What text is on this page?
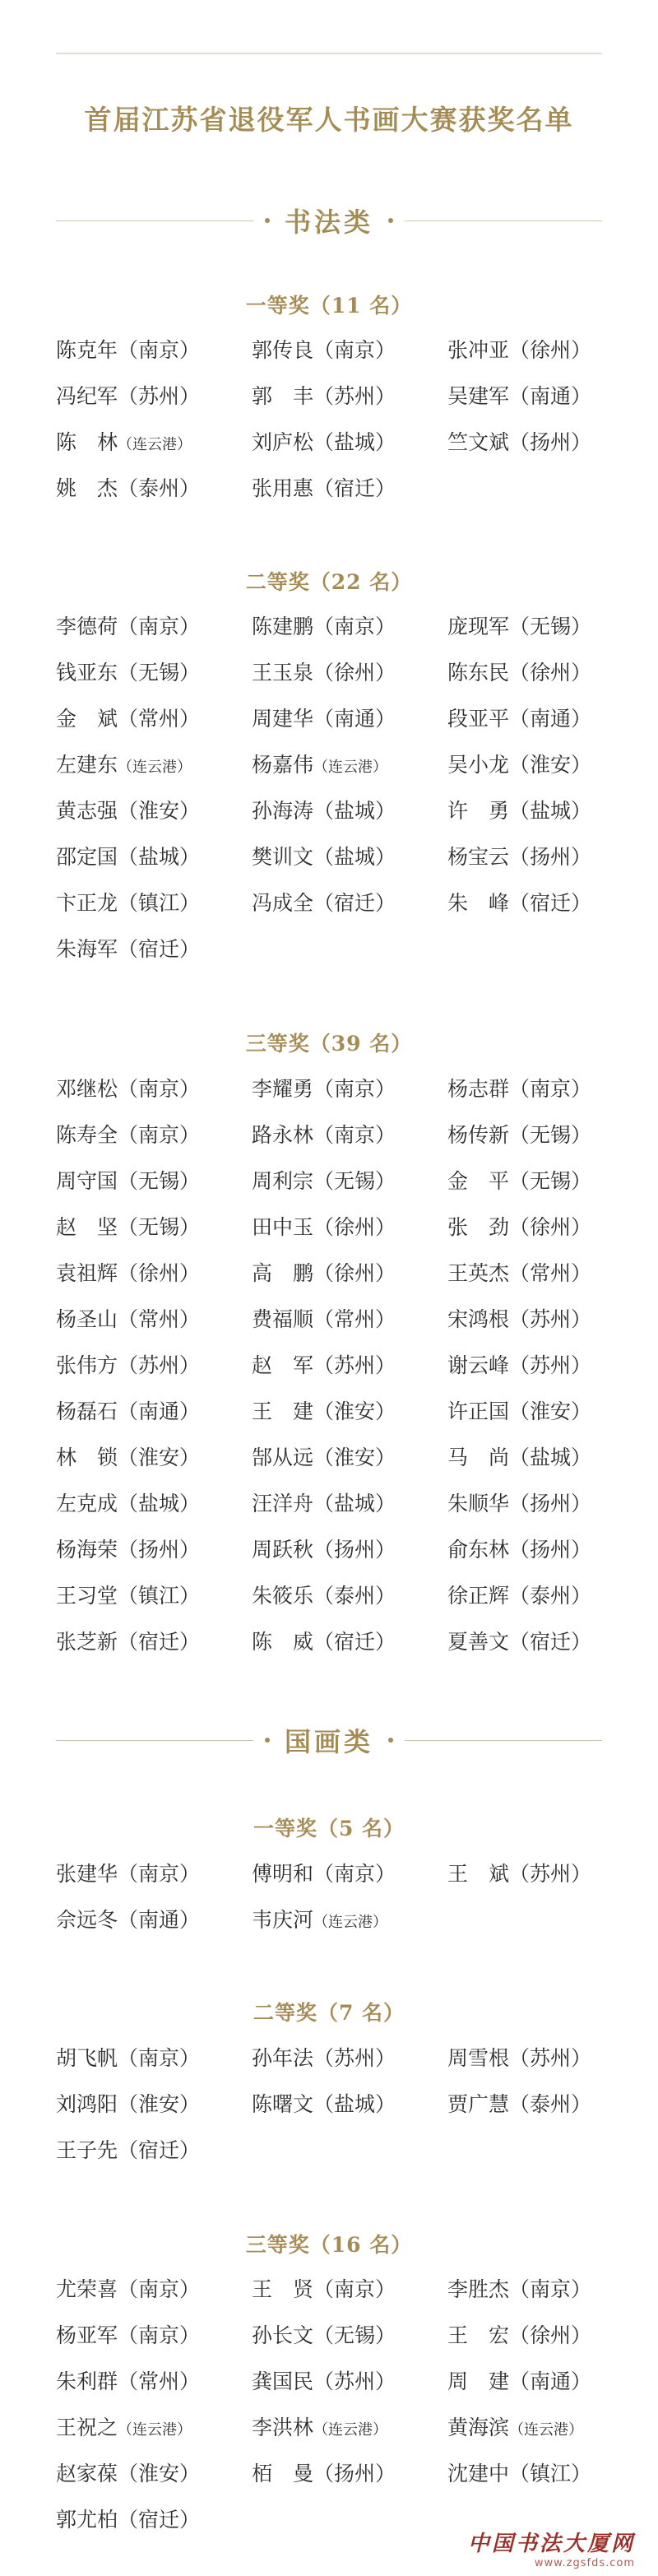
首届江苏省退役军人书画大赛获奖名单
书法类
一等奖（11 名）
陈克年（南京）	郭传良（南京）	张冲亚（徐州）
冯纪军（苏州）	郭丰（苏州）	吴建军（南通）
陈林（连云港）	刘庐松（盐城）	竺文斌（扬州）
姚杰（泰州）	张用惠（宿迁）
二等奖（22 名）
李德荷（南京）	陈建鹏（南京）	庞现军（无锡）
钱亚东（无锡）	王玉泉（徐州）	陈东民（徐州）
金斌（常州）	周建华（南通）	段亚平（南通）
左建东（连云港）	杨嘉伟（连云港）	吴小龙（淮安）
黄志强（淮安）	孙海涛（盐城）	许勇（盐城）
邵定国（盐城）	樊训文（盐城）	杨宝云（扬州）
卞正龙（镇江）	冯成全（宿迁）	朱峰（宿迁）
朱海军（宿迁）
三等奖（39 名）
邓继松（南京）	李耀勇（南京）	杨志群（南京）
陈寿全（南京）	路永林（南京）	杨传新（无锡）
周守国（无锡）	周利宗（无锡）	金平（无锡）
赵坚（无锡）	田中玉（徐州）	张劲（徐州）
袁祖辉（徐州）	高鹏（徐州）	王英杰（常州）
杨圣山（常州）	费福顺（常州）	宋鸿根（苏州）
张伟方（苏州）	赵军（苏州）	谢云峰（苏州）
杨磊石（南通）	王建（淮安）	许正国（淮安）
林锁（淮安）	郜从远（淮安）	马尚（盐城）
左克成（盐城）	汪洋舟（盐城）	朱顺华（扬州）
杨海荣（扬州）	周跃秋（扬州）	俞东林（扬州）
王习堂（镇江）	朱筱乐（泰州）	徐正辉（泰州）
张芝新（宿迁）	陈威（宿迁）	夏善文（宿迁）
国画类
一等奖（5 名）
张建华（南京）	傅明和（南京）	王斌（苏州）
佘远冬（南通）	韦庆河（连云港）
二等奖（7 名）
胡飞帆（南京）	孙年法（苏州）	周雪根（苏州）
刘鸿阳（淮安）	陈曙文（盐城）	贾广慧（泰州）
王子先（宿迁）
三等奖（16 名）
尤荣喜（南京）	王贤（南京）	李胜杰（南京）
杨亚军（南京）	孙长文（无锡）	王宏（徐州）
朱利群（常州）	龚国民（苏州）	周建（南通）
王祝之（连云港）	李洪林（连云港）	黄海滨（连云港）
赵家葆（淮安）	栢曼（扬州）	沈建中（镇江）
郭尤柏（宿迁）
中国书法大厦网
www.zgsfds.com
